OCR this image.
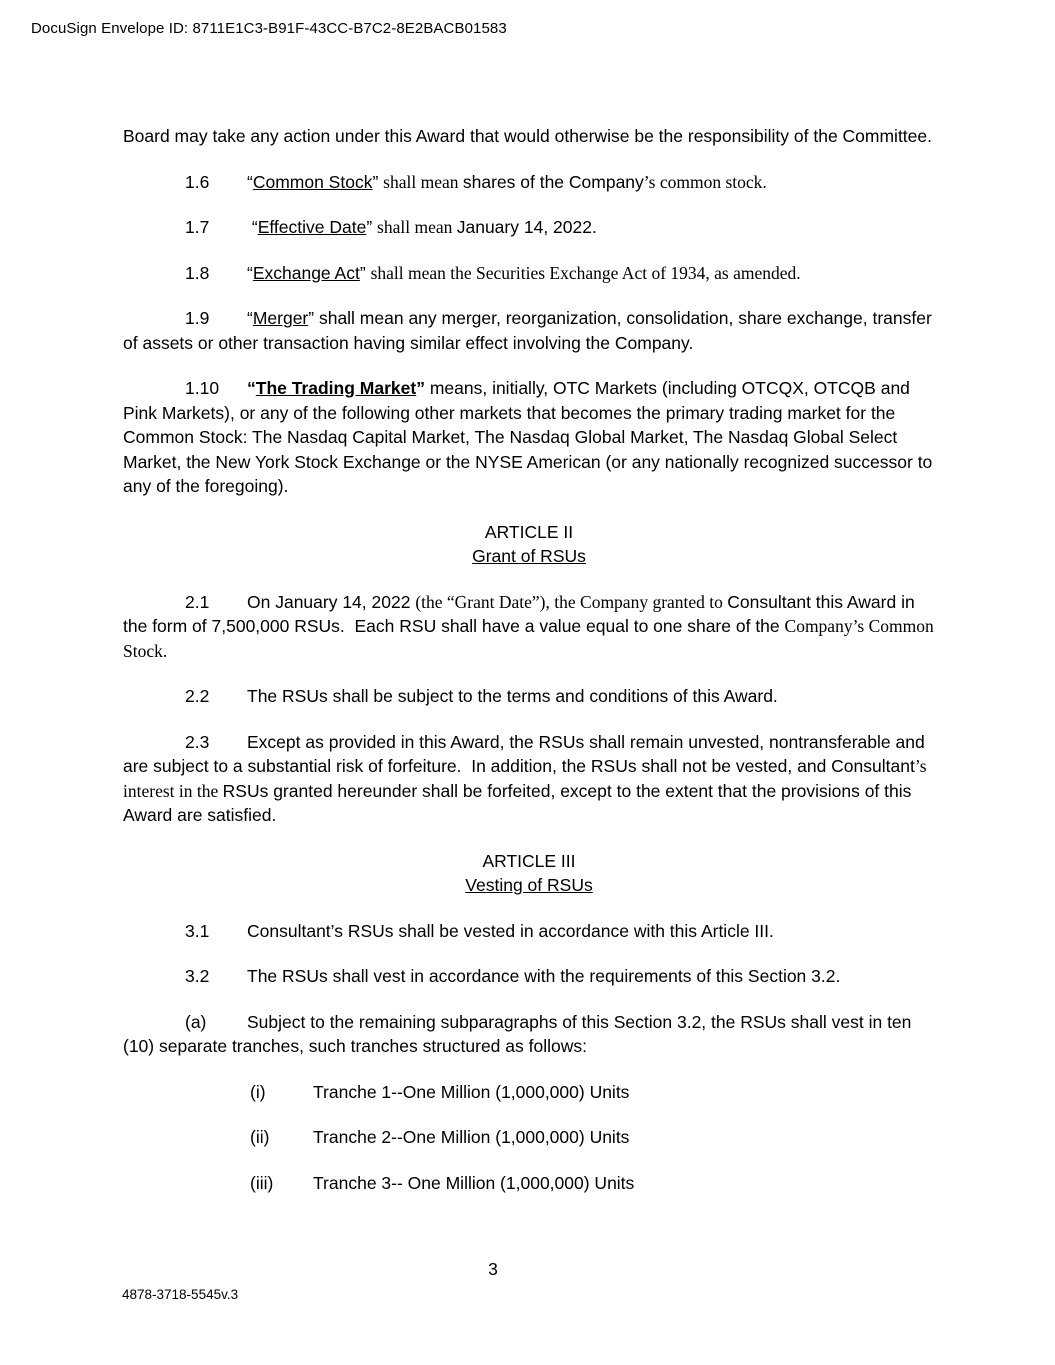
DocuSign Envelope ID: 8711E1C3-B91F-43CC-B7C2-8E2BACB01583

Board may take any action under this Award that would otherwise be the responsibility of the Committee.

1.6 “Common Stock” shall mean shares of the Company’s common stock.

1.7 “Effective Date” shall mean January 14, 2022.

1.8 “Exchange Act” shall mean the Securities Exchange Act of 1934, as amended.

1.9 “Merger” shall mean any merger, reorganization, consolidation, share exchange, transfer of assets or other transaction having similar effect involving the Company.

1.10 “The Trading Market” means, initially, OTC Markets (including OTCQX, OTCQB and Pink Markets), or any of the following other markets that becomes the primary trading market for the Common Stock: The Nasdaq Capital Market, The Nasdaq Global Market, The Nasdaq Global Select Market, the New York Stock Exchange or the NYSE American (or any nationally recognized successor to any of the foregoing).

ARTICLE II
Grant of RSUs

2.1 On January 14, 2022 (the “Grant Date”), the Company granted to Consultant this Award in the form of 7,500,000 RSUs.  Each RSU shall have a value equal to one share of the Company’s Common Stock.

2.2 The RSUs shall be subject to the terms and conditions of this Award.

2.3 Except as provided in this Award, the RSUs shall remain unvested, nontransferable and are subject to a substantial risk of forfeiture.  In addition, the RSUs shall not be vested, and Consultant’s interest in the RSUs granted hereunder shall be forfeited, except to the extent that the provisions of this Award are satisfied.

ARTICLE III
Vesting of RSUs

3.1 Consultant’s RSUs shall be vested in accordance with this Article III.

3.2 The RSUs shall vest in accordance with the requirements of this Section 3.2.

(a) Subject to the remaining subparagraphs of this Section 3.2, the RSUs shall vest in ten (10) separate tranches, such tranches structured as follows:

(i)	Tranche 1--One Million (1,000,000) Units

(ii) Tranche 2--One Million (1,000,000) Units

(iii) Tranche 3-- One Million (1,000,000) Units

3
4878-3718-5545v.3
